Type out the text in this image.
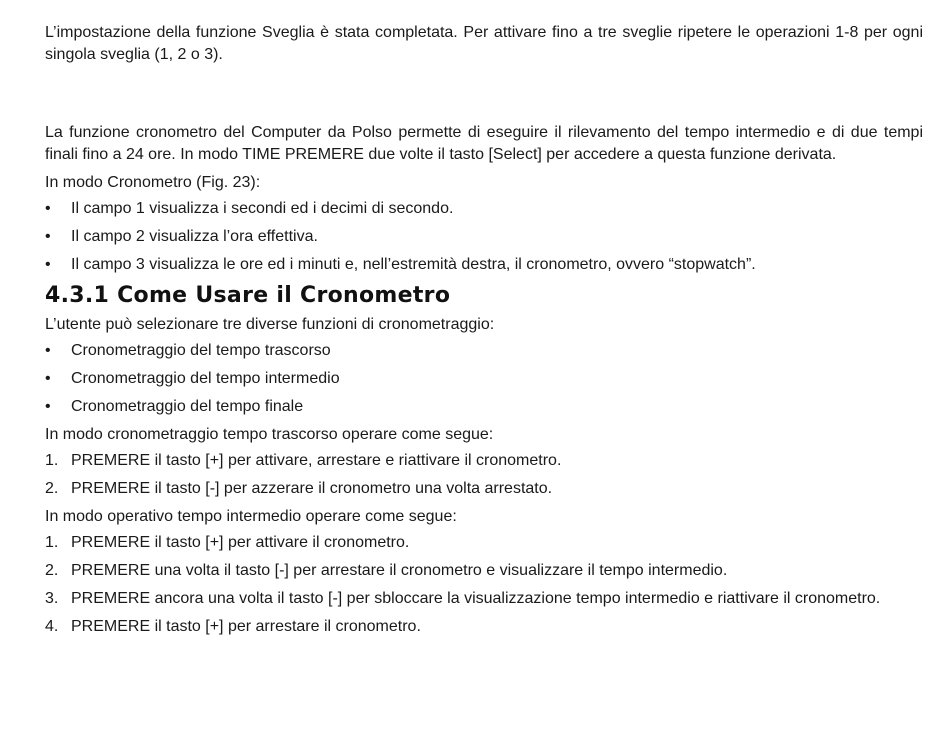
L’impostazione della funzione Sveglia è stata completata. Per attivare fino a tre sveglie ripetere le operazioni 1-8 per ogni singola sveglia (1, 2 o 3).

La funzione cronometro del Computer da Polso permette di eseguire il rilevamento del tempo intermedio e di due tempi finali fino a 24 ore. In modo TIME PREMERE due volte il tasto [Select] per accedere a questa funzione derivata.

In modo Cronometro (Fig. 23):

•	Il campo 1 visualizza i secondi ed i decimi di secondo.
•	Il campo 2 visualizza l’ora effettiva.
•	Il campo 3 visualizza le ore ed i minuti e, nell’estremità destra, il cronometro, ovvero “stopwatch”.
4.3.1 Come Usare il Cronometro

L’utente può selezionare tre diverse funzioni di cronometraggio:

•	Cronometraggio del tempo trascorso
•	Cronometraggio del tempo intermedio
•	Cronometraggio del tempo finale

In modo cronometraggio tempo trascorso operare come segue:

1. PREMERE il tasto [+] per attivare, arrestare e riattivare il cronometro.
2. PREMERE il tasto [-] per azzerare il cronometro una volta arrestato.

In modo operativo tempo intermedio operare come segue:

1. PREMERE il tasto [+] per attivare il cronometro.
2. PREMERE una volta il tasto [-] per arrestare il cronometro e visualizzare il tempo intermedio.
3. PREMERE ancora una volta il tasto [-] per sbloccare la visualizzazione tempo intermedio e riattivare il cronometro.
4. PREMERE il tasto [+] per arrestare il cronometro.
